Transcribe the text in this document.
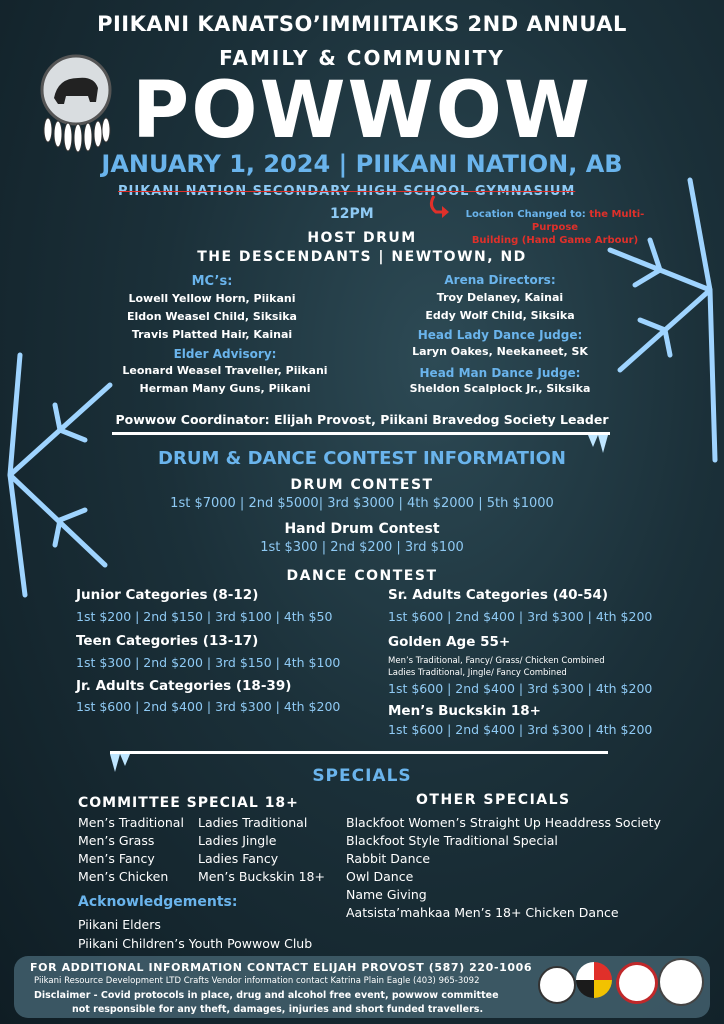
PIIKANI KANATSO’IMMIITAIKS 2ND ANNUAL
FAMILY & COMMUNITY
POWWOW
JANUARY 1, 2024 | PIIKANI NATION, AB
PIIKANI NATION SECONDARY HIGH SCHOOL GYMNASIUM
12PM	Location Changed to: the Multi-Purpose
Building (Hand Game Arbour)
HOST DRUM
THE DESCENDANTS | NEWTOWN, ND
MC’s:
Lowell Yellow Horn, Piikani
Eldon Weasel Child, Siksika
Travis Platted Hair, Kainai
Elder Advisory:
Leonard Weasel Traveller, Piikani
Herman Many Guns, Piikani
Arena Directors:
Troy Delaney, Kainai
Eddy Wolf Child, Siksika
Head Lady Dance Judge:
Laryn Oakes, Neekaneet, SK
Head Man Dance Judge:
Sheldon Scalplock Jr., Siksika
Powwow Coordinator: Elijah Provost, Piikani Bravedog Society Leader
DRUM & DANCE CONTEST INFORMATION
DRUM CONTEST
1st $7000 | 2nd $5000| 3rd $3000 | 4th $2000 | 5th $1000
Hand Drum Contest
1st $300 | 2nd $200 | 3rd $100
DANCE CONTEST
Junior Categories (8-12)
1st $200 | 2nd $150 | 3rd $100 | 4th $50
Teen Categories (13-17)
1st $300 | 2nd $200 | 3rd $150 | 4th $100
Jr. Adults Categories (18-39)
1st $600 | 2nd $400 | 3rd $300 | 4th $200
Sr. Adults Categories (40-54)
1st $600 | 2nd $400 | 3rd $300 | 4th $200
Golden Age 55+
Men’s Traditional, Fancy/ Grass/ Chicken Combined
Ladies Traditional, Jingle/ Fancy Combined
1st $600 | 2nd $400 | 3rd $300 | 4th $200
Men’s Buckskin 18+
1st $600 | 2nd $400 | 3rd $300 | 4th $200
SPECIALS
COMMITTEE SPECIAL 18+
Men’s Traditional
Men’s Grass
Men’s Fancy
Men’s Chicken
Ladies Traditional
Ladies Jingle
Ladies Fancy
Men’s Buckskin 18+
OTHER SPECIALS
Blackfoot Women’s Straight Up Headdress Society
Blackfoot Style Traditional Special
Rabbit Dance
Owl Dance
Name Giving
Aatsista’mahkaa Men’s 18+ Chicken Dance
Acknowledgements:
Piikani Elders
Piikani Children’s Youth Powwow Club
FOR ADDITIONAL INFORMATION CONTACT ELIJAH PROVOST (587) 220-1006
Piikani Resource Development LTD Crafts Vendor information contact Katrina Plain Eagle (403) 965-3092
Disclaimer - Covid protocols in place, drug and alcohol free event, powwow committee
not responsible for any theft, damages, injuries and short funded travellers.
